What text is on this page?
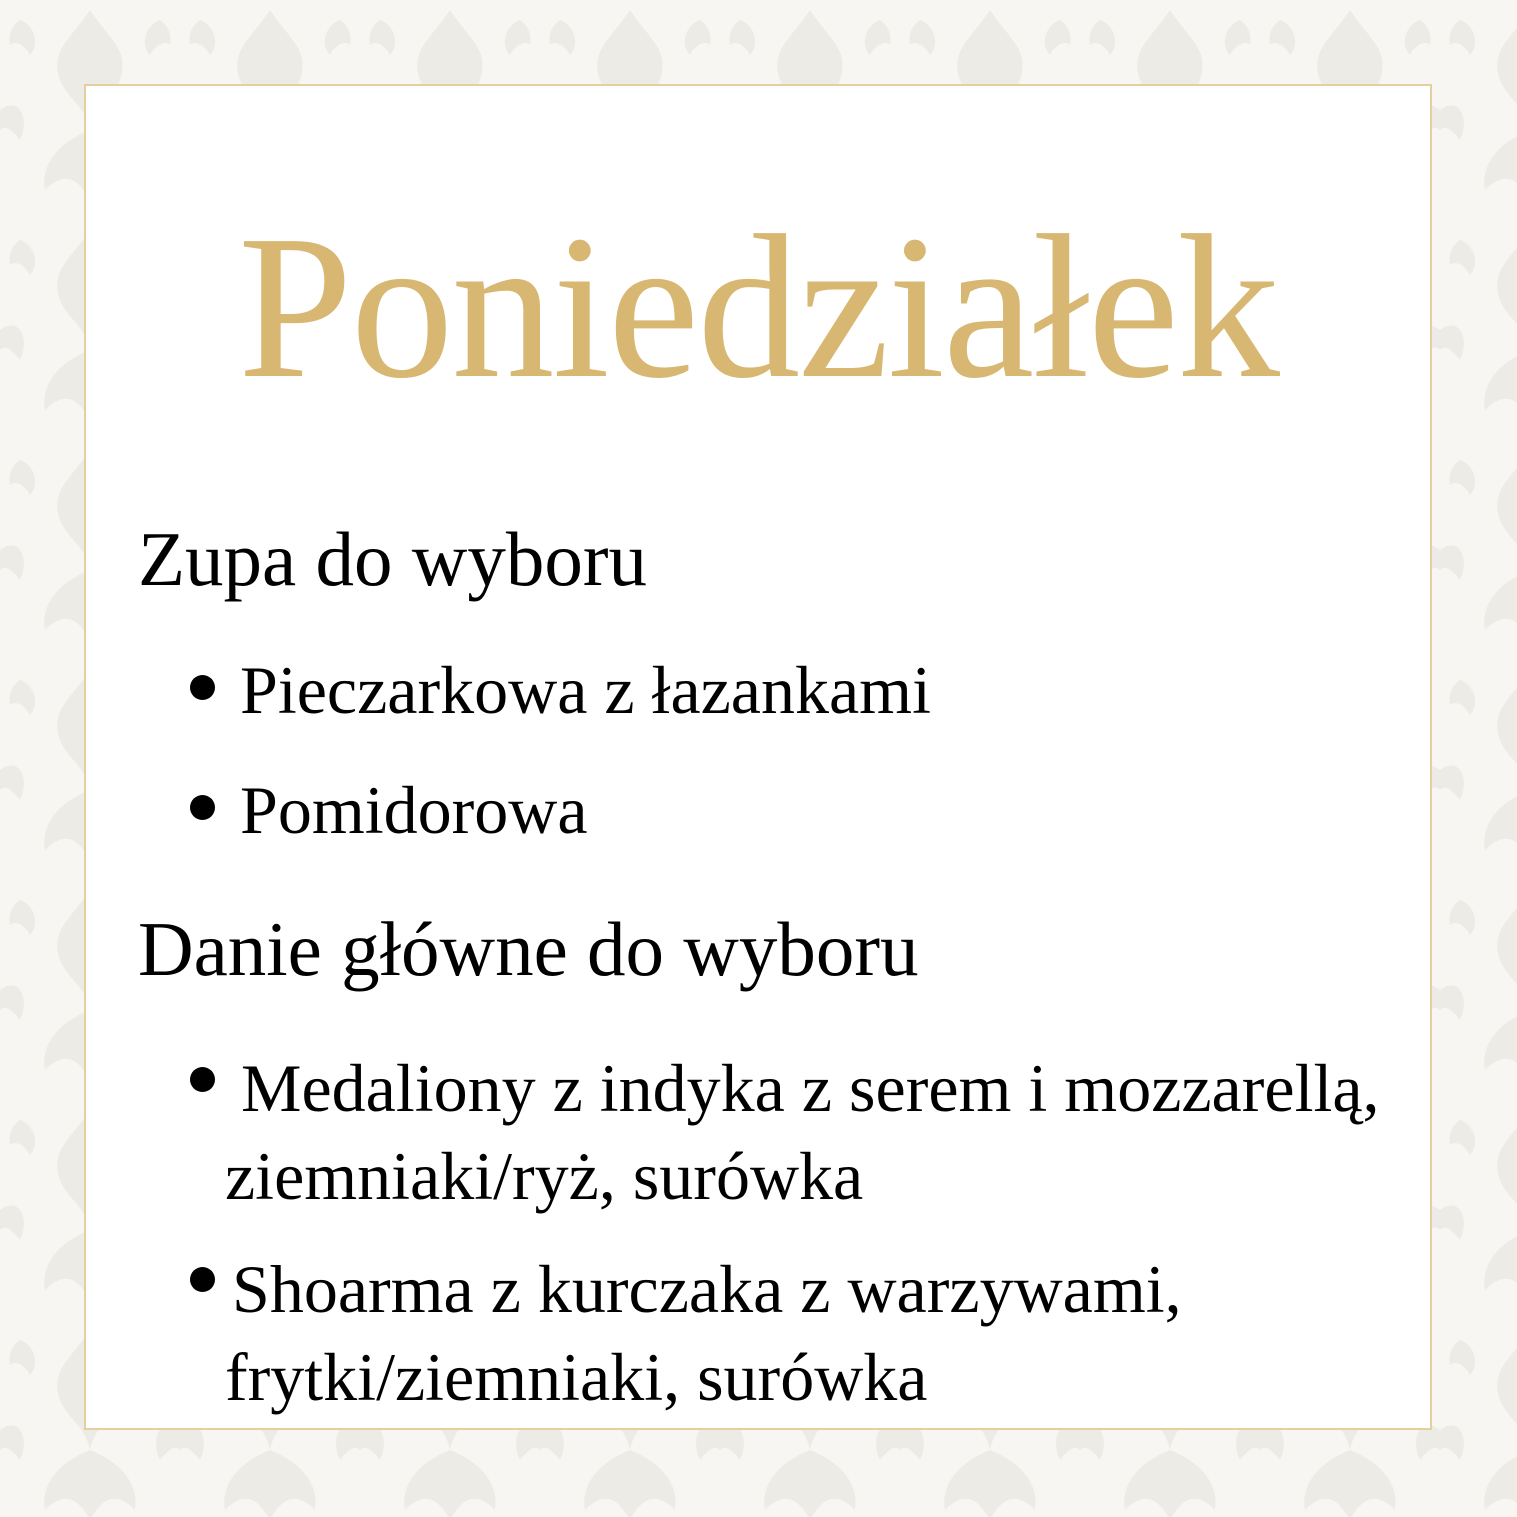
Poniedziałek
Zupa do wyboru
Pieczarkowa z łazankami
Pomidorowa
Danie główne do wyboru
Medaliony z indyka z serem i mozzarellą,
ziemniaki/ryż, surówka
Shoarma z kurczaka z warzywami,
frytki/ziemniaki, surówka
